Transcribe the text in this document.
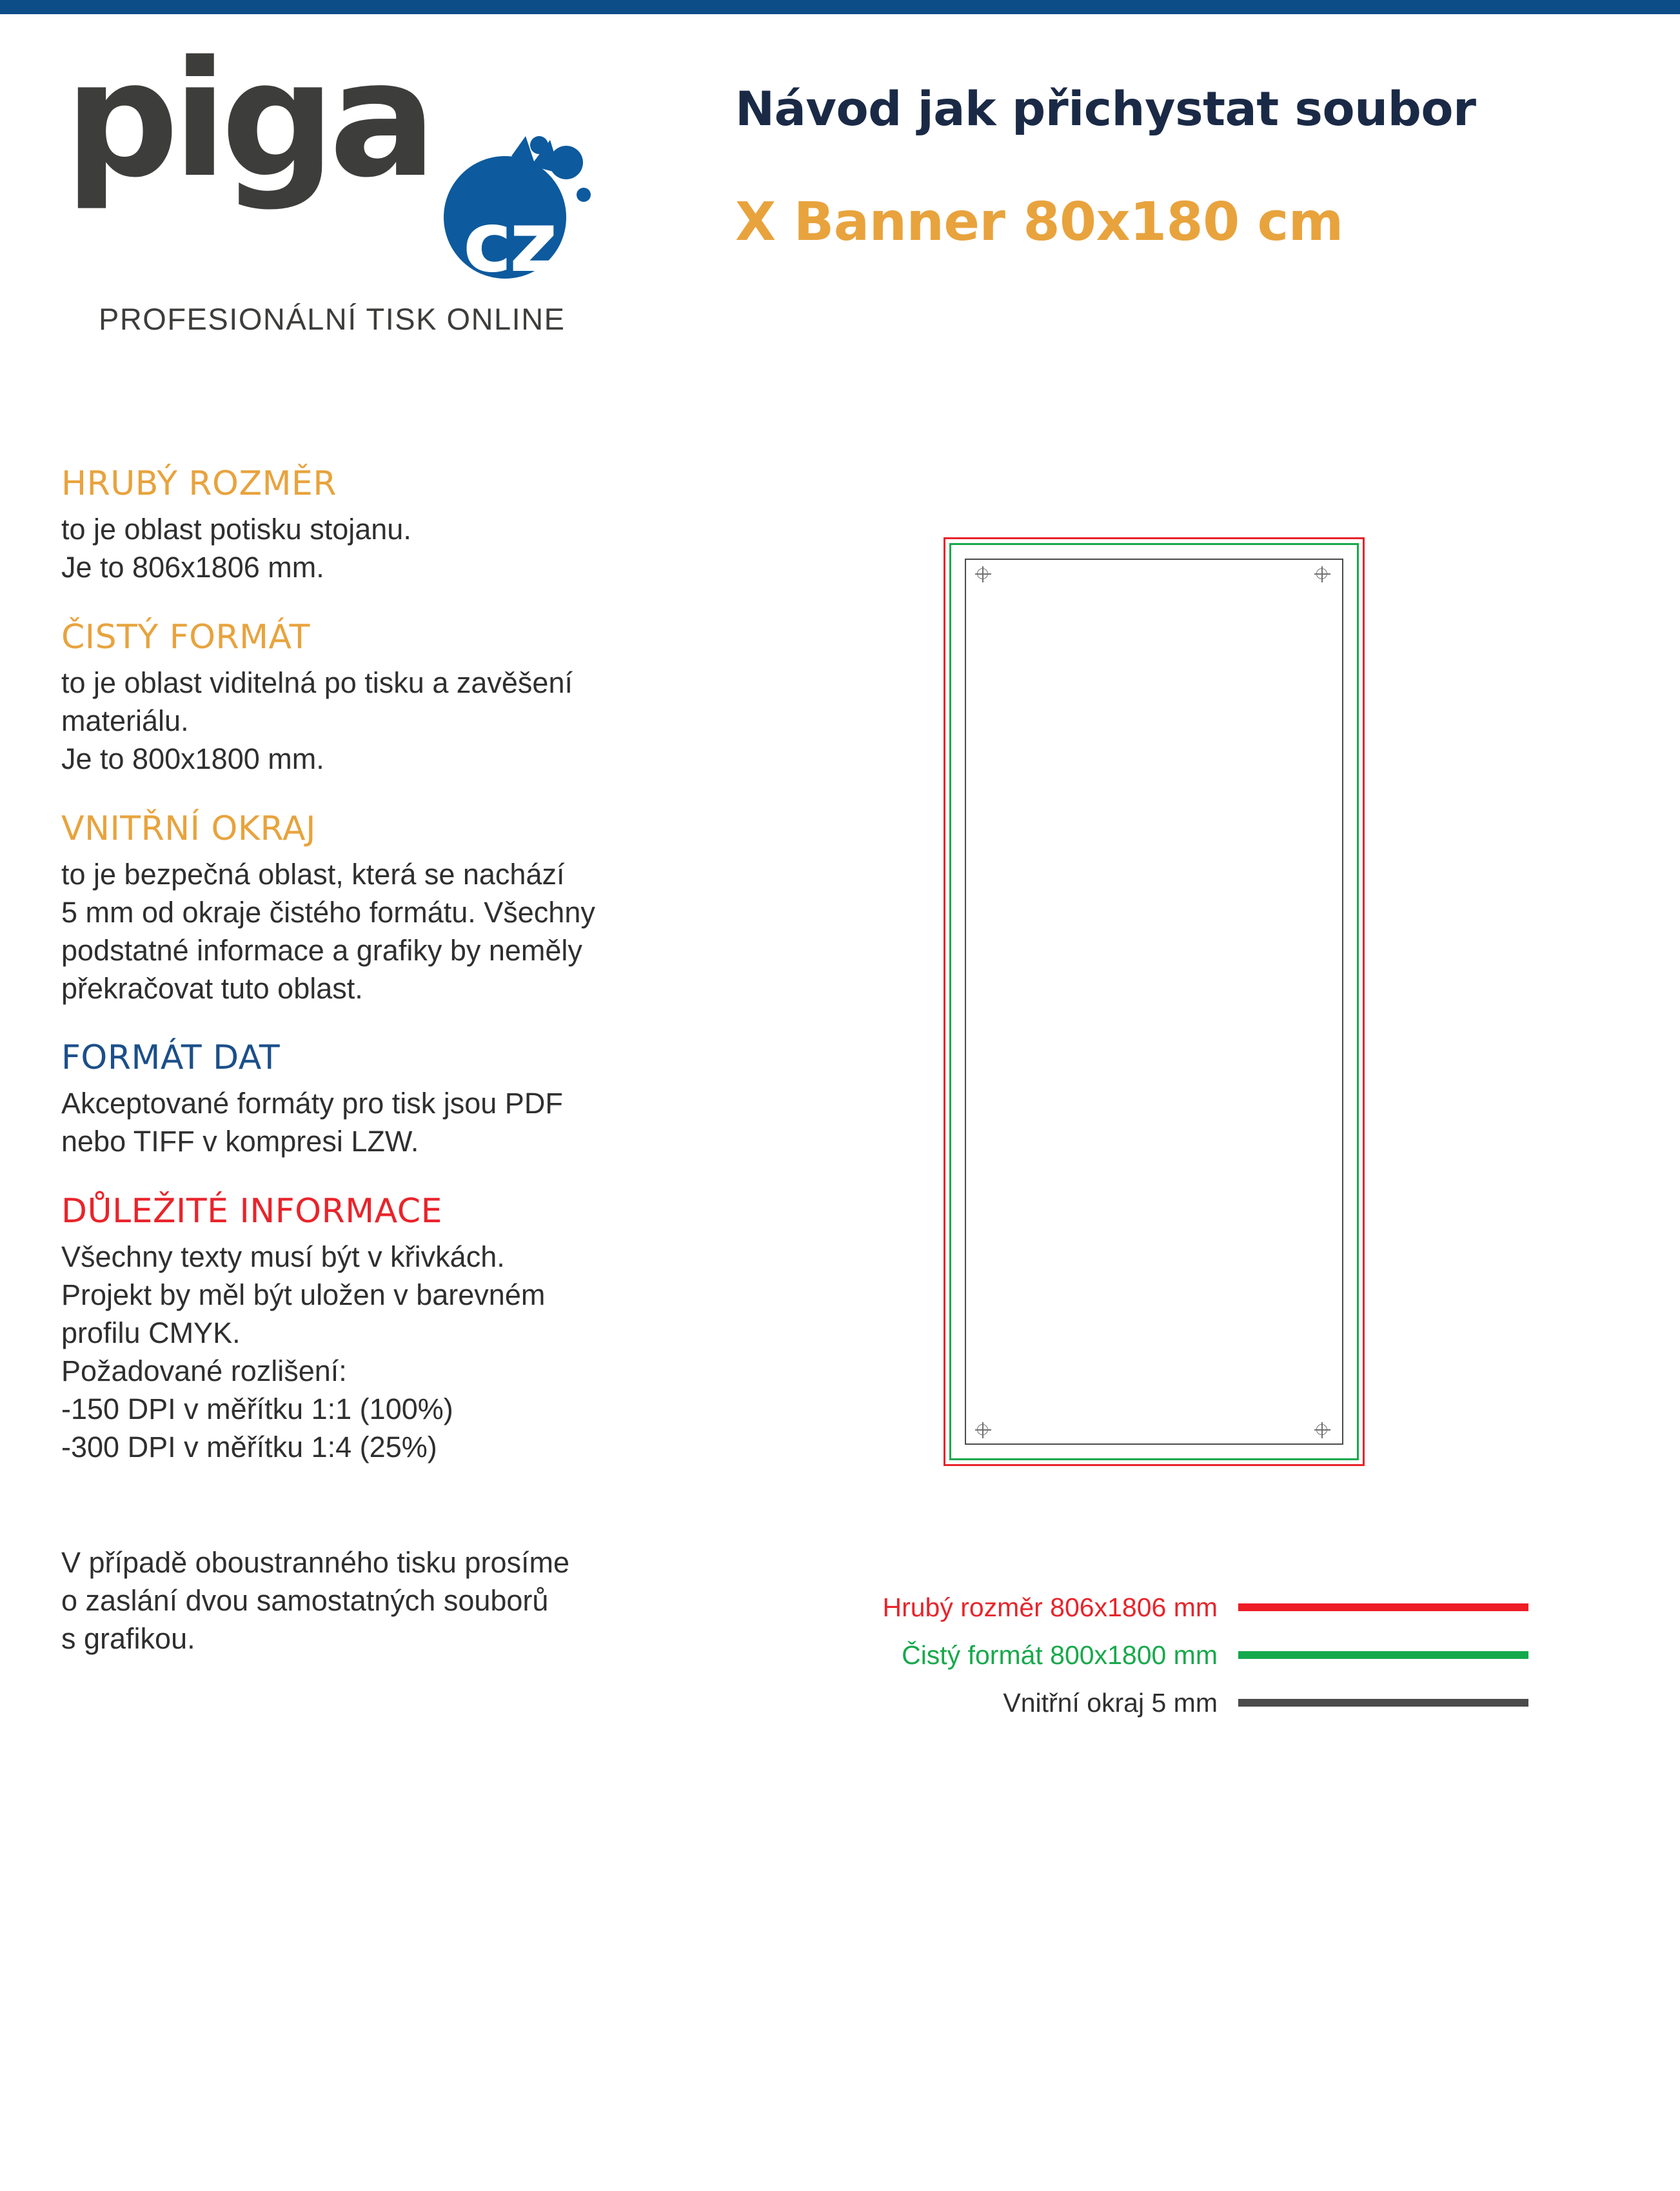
piga
cz
PROFESIONÁLNÍ TISK ONLINE
Návod jak přichystat soubor
X Banner 80x180 cm
HRUBÝ ROZMĚR
to je oblast potisku stojanu.
Je to 806x1806 mm.
ČISTÝ FORMÁT
to je oblast viditelná po tisku a zavěšení
materiálu.
Je to 800x1800 mm.
VNITŘNÍ OKRAJ
to je bezpečná oblast, která se nachází
5 mm od okraje čistého formátu. Všechny
podstatné informace a grafiky by neměly
překračovat tuto oblast.
FORMÁT DAT
Akceptované formáty pro tisk jsou PDF
nebo TIFF v kompresi LZW.
DŮLEŽITÉ INFORMACE
Všechny texty musí být v křivkách.
Projekt by měl být uložen v barevném
profilu CMYK.
Požadované rozlišení:
-150 DPI v měřítku 1:1 (100%)
-300 DPI v měřítku 1:4 (25%)
V případě oboustranného tisku prosíme
o zaslání dvou samostatných souborů
s grafikou.
Hrubý rozměr 806x1806 mm
Čistý formát 800x1800 mm
Vnitřní okraj 5 mm
